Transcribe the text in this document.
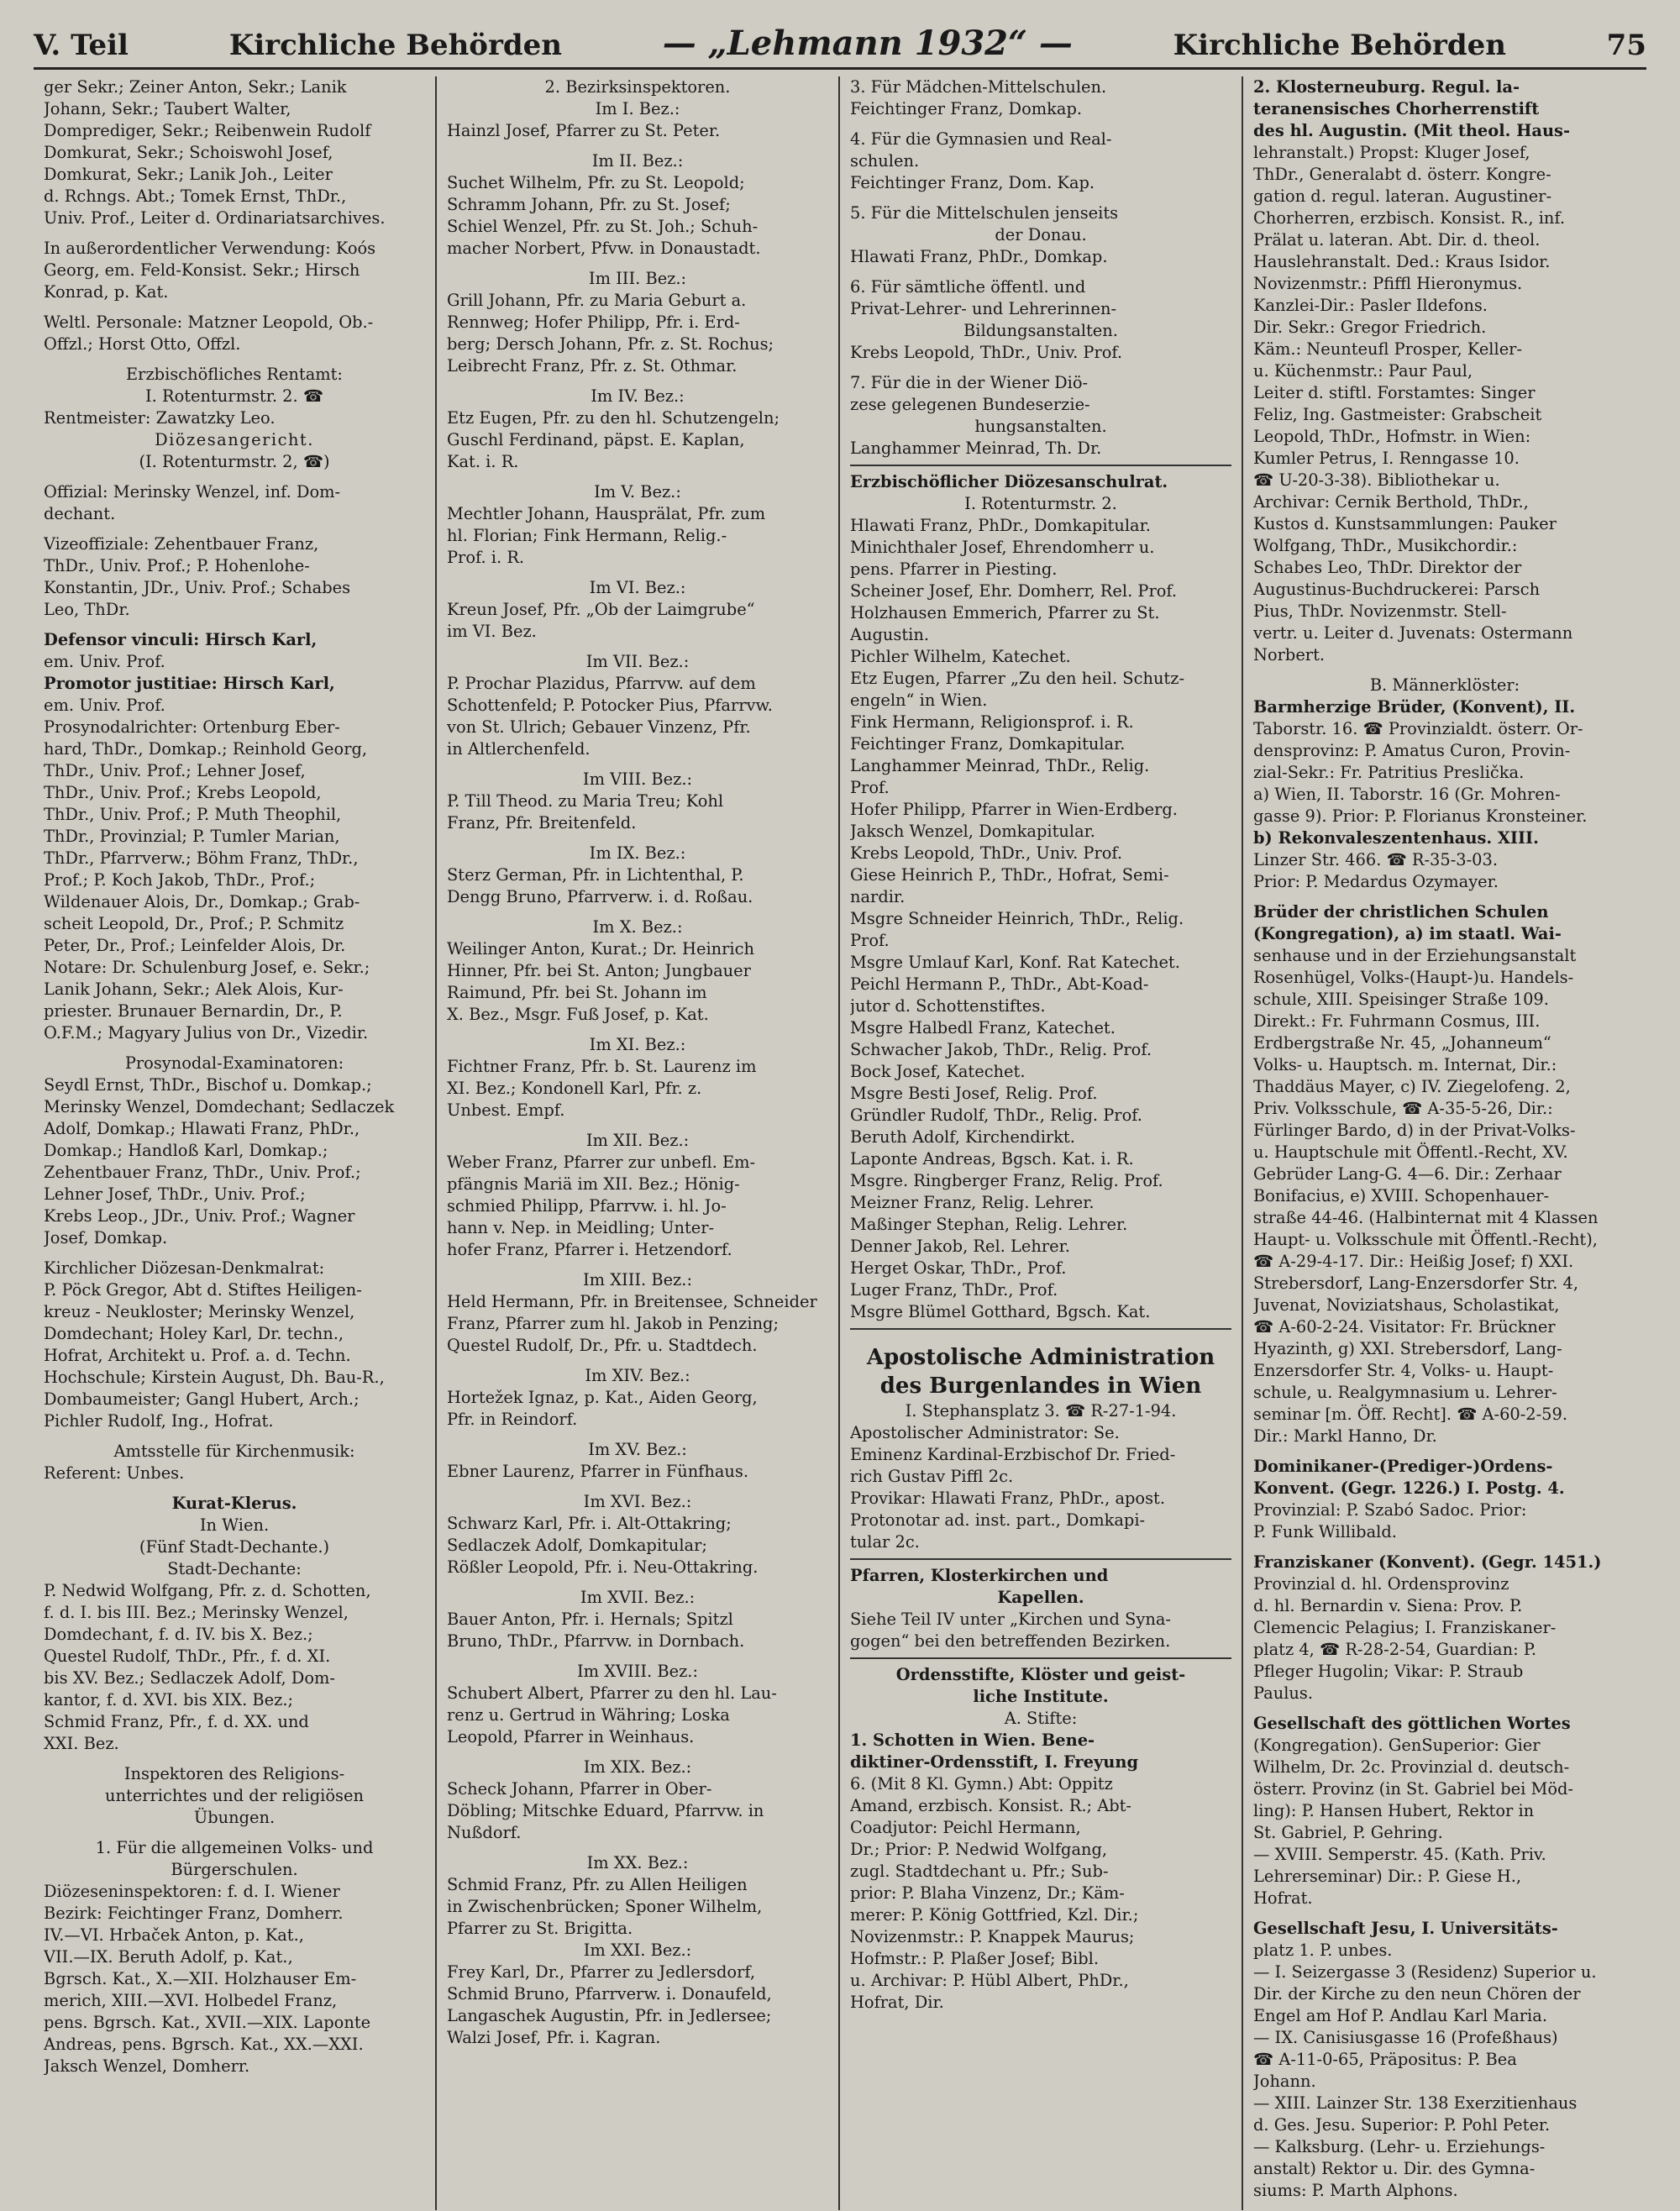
V. Teil	Kirchliche Behörden	— „Lehmann 1932“ —	Kirchliche Behörden	75
ger Sekr.; Zeiner Anton, Sekr.; Lanik
Johann, Sekr.; Taubert Walter,
Domprediger, Sekr.; Reibenwein Rudolf
Domkurat, Sekr.; Schoiswohl Josef,
Domkurat, Sekr.; Lanik Joh., Leiter
d. Rchngs. Abt.; Tomek Ernst, ThDr.,
Univ. Prof., Leiter d. Ordinariatsarchives.
In außerordentlicher Verwendung: Koós
Georg, em. Feld-Konsist. Sekr.; Hirsch
Konrad, p. Kat.
Weltl. Personale: Matzner Leopold, Ob.-
Offzl.; Horst Otto, Offzl.
Erzbischöfliches Rentamt:
I. Rotenturmstr. 2. ☎
Rentmeister: Zawatzky Leo.
Diözesangericht.
(I. Rotenturmstr. 2, ☎)
Offizial: Merinsky Wenzel, inf. Dom-
dechant.
Vizeoffiziale: Zehentbauer Franz,
ThDr., Univ. Prof.; P. Hohenlohe-
Konstantin, JDr., Univ. Prof.; Schabes
Leo, ThDr.
Defensor vinculi: Hirsch Karl,
em. Univ. Prof.
Promotor justitiae: Hirsch Karl,
em. Univ. Prof.
Prosynodalrichter: Ortenburg Eber-
hard, ThDr., Domkap.; Reinhold Georg,
ThDr., Univ. Prof.; Lehner Josef,
ThDr., Univ. Prof.; Krebs Leopold,
ThDr., Univ. Prof.; P. Muth Theophil,
ThDr., Provinzial; P. Tumler Marian,
ThDr., Pfarrverw.; Böhm Franz, ThDr.,
Prof.; P. Koch Jakob, ThDr., Prof.;
Wildenauer Alois, Dr., Domkap.; Grab-
scheit Leopold, Dr., Prof.; P. Schmitz
Peter, Dr., Prof.; Leinfelder Alois, Dr.
Notare: Dr. Schulenburg Josef, e. Sekr.;
Lanik Johann, Sekr.; Alek Alois, Kur-
priester. Brunauer Bernardin, Dr., P.
O.F.M.; Magyary Julius von Dr., Vizedir.
Prosynodal-Examinatoren:
Seydl Ernst, ThDr., Bischof u. Domkap.;
Merinsky Wenzel, Domdechant; Sedlaczek
Adolf, Domkap.; Hlawati Franz, PhDr.,
Domkap.; Handloß Karl, Domkap.;
Zehentbauer Franz, ThDr., Univ. Prof.;
Lehner Josef, ThDr., Univ. Prof.;
Krebs Leop., JDr., Univ. Prof.; Wagner
Josef, Domkap.
Kirchlicher Diözesan-Denkmalrat:
P. Pöck Gregor, Abt d. Stiftes Heiligen-
kreuz - Neukloster; Merinsky Wenzel,
Domdechant; Holey Karl, Dr. techn.,
Hofrat, Architekt u. Prof. a. d. Techn.
Hochschule; Kirstein August, Dh. Bau-R.,
Dombaumeister; Gangl Hubert, Arch.;
Pichler Rudolf, Ing., Hofrat.
Amtsstelle für Kirchenmusik:
Referent: Unbes.
Kurat-Klerus.
In Wien.
(Fünf Stadt-Dechante.)
Stadt-Dechante:
P. Nedwid Wolfgang, Pfr. z. d. Schotten,
f. d. I. bis III. Bez.; Merinsky Wenzel,
Domdechant, f. d. IV. bis X. Bez.;
Questel Rudolf, ThDr., Pfr., f. d. XI.
bis XV. Bez.; Sedlaczek Adolf, Dom-
kantor, f. d. XVI. bis XIX. Bez.;
Schmid Franz, Pfr., f. d. XX. und
XXI. Bez.
Inspektoren des Religions-
unterrichtes und der religiösen
Übungen.
1. Für die allgemeinen Volks- und
Bürgerschulen.
Diözeseninspektoren: f. d. I. Wiener
Bezirk: Feichtinger Franz, Domherr.
IV.—VI. Hrbaček Anton, p. Kat.,
VII.—IX. Beruth Adolf, p. Kat.,
Bgrsch. Kat., X.—XII. Holzhauser Em-
merich, XIII.—XVI. Holbedel Franz,
pens. Bgrsch. Kat., XVII.—XIX. Laponte
Andreas, pens. Bgrsch. Kat., XX.—XXI.
Jaksch Wenzel, Domherr.
2. Bezirksinspektoren.
Im I. Bez.:
Hainzl Josef, Pfarrer zu St. Peter.
Im II. Bez.:
Suchet Wilhelm, Pfr. zu St. Leopold;
Schramm Johann, Pfr. zu St. Josef;
Schiel Wenzel, Pfr. zu St. Joh.; Schuh-
macher Norbert, Pfvw. in Donaustadt.
Im III. Bez.:
Grill Johann, Pfr. zu Maria Geburt a.
Rennweg; Hofer Philipp, Pfr. i. Erd-
berg; Dersch Johann, Pfr. z. St. Rochus;
Leibrecht Franz, Pfr. z. St. Othmar.
Im IV. Bez.:
Etz Eugen, Pfr. zu den hl. Schutzengeln;
Guschl Ferdinand, päpst. E. Kaplan,
Kat. i. R.
Im V. Bez.:
Mechtler Johann, Hausprälat, Pfr. zum
hl. Florian; Fink Hermann, Relig.-
Prof. i. R.
Im VI. Bez.:
Kreun Josef, Pfr. „Ob der Laimgrube“
im VI. Bez.
Im VII. Bez.:
P. Prochar Plazidus, Pfarrvw. auf dem
Schottenfeld; P. Potocker Pius, Pfarrvw.
von St. Ulrich; Gebauer Vinzenz, Pfr.
in Altlerchenfeld.
Im VIII. Bez.:
P. Till Theod. zu Maria Treu; Kohl
Franz, Pfr. Breitenfeld.
Im IX. Bez.:
Sterz German, Pfr. in Lichtenthal, P.
Dengg Bruno, Pfarrverw. i. d. Roßau.
Im X. Bez.:
Weilinger Anton, Kurat.; Dr. Heinrich
Hinner, Pfr. bei St. Anton; Jungbauer
Raimund, Pfr. bei St. Johann im
X. Bez., Msgr. Fuß Josef, p. Kat.
Im XI. Bez.:
Fichtner Franz, Pfr. b. St. Laurenz im
XI. Bez.; Kondonell Karl, Pfr. z.
Unbest. Empf.
Im XII. Bez.:
Weber Franz, Pfarrer zur unbefl. Em-
pfängnis Mariä im XII. Bez.; Hönig-
schmied Philipp, Pfarrvw. i. hl. Jo-
hann v. Nep. in Meidling; Unter-
hofer Franz, Pfarrer i. Hetzendorf.
Im XIII. Bez.:
Held Hermann, Pfr. in Breitensee, Schneider
Franz, Pfarrer zum hl. Jakob in Penzing;
Questel Rudolf, Dr., Pfr. u. Stadtdech.
Im XIV. Bez.:
Hortežek Ignaz, p. Kat., Aiden Georg,
Pfr. in Reindorf.
Im XV. Bez.:
Ebner Laurenz, Pfarrer in Fünfhaus.
Im XVI. Bez.:
Schwarz Karl, Pfr. i. Alt-Ottakring;
Sedlaczek Adolf, Domkapitular;
Rößler Leopold, Pfr. i. Neu-Ottakring.
Im XVII. Bez.:
Bauer Anton, Pfr. i. Hernals; Spitzl
Bruno, ThDr., Pfarrvw. in Dornbach.
Im XVIII. Bez.:
Schubert Albert, Pfarrer zu den hl. Lau-
renz u. Gertrud in Währing; Loska
Leopold, Pfarrer in Weinhaus.
Im XIX. Bez.:
Scheck Johann, Pfarrer in Ober-
Döbling; Mitschke Eduard, Pfarrvw. in
Nußdorf.
Im XX. Bez.:
Schmid Franz, Pfr. zu Allen Heiligen
in Zwischenbrücken; Sponer Wilhelm,
Pfarrer zu St. Brigitta.
Im XXI. Bez.:
Frey Karl, Dr., Pfarrer zu Jedlersdorf,
Schmid Bruno, Pfarrverw. i. Donaufeld,
Langaschek Augustin, Pfr. in Jedlersee;
Walzi Josef, Pfr. i. Kagran.
3. Für Mädchen-Mittelschulen.
Feichtinger Franz, Domkap.
4. Für die Gymnasien und Real-
schulen.
Feichtinger Franz, Dom. Kap.
5. Für die Mittelschulen jenseits
der Donau.
Hlawati Franz, PhDr., Domkap.
6. Für sämtliche öffentl. und
Privat-Lehrer- und Lehrerinnen-
Bildungsanstalten.
Krebs Leopold, ThDr., Univ. Prof.
7. Für die in der Wiener Diö-
zese gelegenen Bundeserzie-
hungsanstalten.
Langhammer Meinrad, Th. Dr.
Erzbischöflicher Diözesanschulrat.
I. Rotenturmstr. 2.
Hlawati Franz, PhDr., Domkapitular.
Minichthaler Josef, Ehrendomherr u.
pens. Pfarrer in Piesting.
Scheiner Josef, Ehr. Domherr, Rel. Prof.
Holzhausen Emmerich, Pfarrer zu St.
Augustin.
Pichler Wilhelm, Katechet.
Etz Eugen, Pfarrer „Zu den heil. Schutz-
engeln“ in Wien.
Fink Hermann, Religionsprof. i. R.
Feichtinger Franz, Domkapitular.
Langhammer Meinrad, ThDr., Relig.
Prof.
Hofer Philipp, Pfarrer in Wien-Erdberg.
Jaksch Wenzel, Domkapitular.
Krebs Leopold, ThDr., Univ. Prof.
Giese Heinrich P., ThDr., Hofrat, Semi-
nardir.
Msgre Schneider Heinrich, ThDr., Relig.
Prof.
Msgre Umlauf Karl, Konf. Rat Katechet.
Peichl Hermann P., ThDr., Abt-Koad-
jutor d. Schottenstiftes.
Msgre Halbedl Franz, Katechet.
Schwacher Jakob, ThDr., Relig. Prof.
Bock Josef, Katechet.
Msgre Besti Josef, Relig. Prof.
Gründler Rudolf, ThDr., Relig. Prof.
Beruth Adolf, Kirchendirkt.
Laponte Andreas, Bgsch. Kat. i. R.
Msgre. Ringberger Franz, Relig. Prof.
Meizner Franz, Relig. Lehrer.
Maßinger Stephan, Relig. Lehrer.
Denner Jakob, Rel. Lehrer.
Herget Oskar, ThDr., Prof.
Luger Franz, ThDr., Prof.
Msgre Blümel Gotthard, Bgsch. Kat.
Apostolische Administration
des Burgenlandes in Wien
I. Stephansplatz 3. ☎ R-27-1-94.
Apostolischer Administrator: Se.
Eminenz Kardinal-Erzbischof Dr. Fried-
rich Gustav Piffl 2c.
Provikar: Hlawati Franz, PhDr., apost.
Protonotar ad. inst. part., Domkapi-
tular 2c.
Pfarren, Klosterkirchen und
Kapellen.
Siehe Teil IV unter „Kirchen und Syna-
gogen“ bei den betreffenden Bezirken.
Ordensstifte, Klöster und geist-
liche Institute.
A. Stifte:
1. Schotten in Wien. Bene-
diktiner-Ordensstift, I. Freyung
6. (Mit 8 Kl. Gymn.) Abt: Oppitz
Amand, erzbisch. Konsist. R.; Abt-
Coadjutor: Peichl Hermann,
Dr.; Prior: P. Nedwid Wolfgang,
zugl. Stadtdechant u. Pfr.; Sub-
prior: P. Blaha Vinzenz, Dr.; Käm-
merer: P. König Gottfried, Kzl. Dir.;
Novizenmstr.: P. Knappek Maurus;
Hofmstr.: P. Plaßer Josef; Bibl.
u. Archivar: P. Hübl Albert, PhDr.,
Hofrat, Dir.
2. Klosterneuburg. Regul. la-
teranensisches Chorherrenstift
des hl. Augustin. (Mit theol. Haus-
lehranstalt.) Propst: Kluger Josef,
ThDr., Generalabt d. österr. Kongre-
gation d. regul. lateran. Augustiner-
Chorherren, erzbisch. Konsist. R., inf.
Prälat u. lateran. Abt. Dir. d. theol.
Hauslehranstalt. Ded.: Kraus Isidor.
Novizenmstr.: Pfiffl Hieronymus.
Kanzlei-Dir.: Pasler Ildefons.
Dir. Sekr.: Gregor Friedrich.
Käm.: Neunteufl Prosper, Keller-
u. Küchenmstr.: Paur Paul,
Leiter d. stiftl. Forstamtes: Singer
Feliz, Ing. Gastmeister: Grabscheit
Leopold, ThDr., Hofmstr. in Wien:
Kumler Petrus, I. Renngasse 10.
☎ U-20-3-38). Bibliothekar u.
Archivar: Cernik Berthold, ThDr.,
Kustos d. Kunstsammlungen: Pauker
Wolfgang, ThDr., Musikchordir.:
Schabes Leo, ThDr. Direktor der
Augustinus-Buchdruckerei: Parsch
Pius, ThDr. Novizenmstr. Stell-
vertr. u. Leiter d. Juvenats: Ostermann
Norbert.
B. Männerklöster:
Barmherzige Brüder, (Konvent), II.
Taborstr. 16. ☎ Provinzialdt. österr. Or-
densprovinz: P. Amatus Curon, Provin-
zial-Sekr.: Fr. Patritius Preslička.
a) Wien, II. Taborstr. 16 (Gr. Mohren-
gasse 9). Prior: P. Florianus Kronsteiner.
b) Rekonvaleszentenhaus. XIII.
Linzer Str. 466. ☎ R-35-3-03.
Prior: P. Medardus Ozymayer.
Brüder der christlichen Schulen
(Kongregation), a) im staatl. Wai-
senhause und in der Erziehungsanstalt
Rosenhügel, Volks-(Haupt-)u. Handels-
schule, XIII. Speisinger Straße 109.
Direkt.: Fr. Fuhrmann Cosmus, III.
Erdbergstraße Nr. 45, „Johanneum“
Volks- u. Hauptsch. m. Internat, Dir.:
Thaddäus Mayer, c) IV. Ziegelofeng. 2,
Priv. Volksschule, ☎ A-35-5-26, Dir.:
Fürlinger Bardo, d) in der Privat-Volks-
u. Hauptschule mit Öffentl.-Recht, XV.
Gebrüder Lang-G. 4—6. Dir.: Zerhaar
Bonifacius, e) XVIII. Schopenhauer-
straße 44-46. (Halbinternat mit 4 Klassen
Haupt- u. Volksschule mit Öffentl.-Recht),
☎ A-29-4-17. Dir.: Heißig Josef; f) XXI.
Strebersdorf, Lang-Enzersdorfer Str. 4,
Juvenat, Noviziatshaus, Scholastikat,
☎ A-60-2-24. Visitator: Fr. Brückner
Hyazinth, g) XXI. Strebersdorf, Lang-
Enzersdorfer Str. 4, Volks- u. Haupt-
schule, u. Realgymnasium u. Lehrer-
seminar [m. Öff. Recht]. ☎ A-60-2-59.
Dir.: Markl Hanno, Dr.
Dominikaner-(Prediger-)Ordens-
Konvent. (Gegr. 1226.) I. Postg. 4.
Provinzial: P. Szabó Sadoc. Prior:
P. Funk Willibald.
Franziskaner (Konvent). (Gegr. 1451.)
Provinzial d. hl. Ordensprovinz
d. hl. Bernardin v. Siena: Prov. P.
Clemencic Pelagius; I. Franziskaner-
platz 4, ☎ R-28-2-54, Guardian: P.
Pfleger Hugolin; Vikar: P. Straub
Paulus.
Gesellschaft des göttlichen Wortes
(Kongregation). GenSuperior: Gier
Wilhelm, Dr. 2c. Provinzial d. deutsch-
österr. Provinz (in St. Gabriel bei Möd-
ling): P. Hansen Hubert, Rektor in
St. Gabriel, P. Gehring.
— XVIII. Semperstr. 45. (Kath. Priv.
Lehrerseminar) Dir.: P. Giese H.,
Hofrat.
Gesellschaft Jesu, I. Universitäts-
platz 1. P. unbes.
— I. Seizergasse 3 (Residenz) Superior u.
Dir. der Kirche zu den neun Chören der
Engel am Hof P. Andlau Karl Maria.
— IX. Canisiusgasse 16 (Profeßhaus)
☎ A-11-0-65, Präpositus: P. Bea
Johann.
— XIII. Lainzer Str. 138 Exerzitienhaus
d. Ges. Jesu. Superior: P. Pohl Peter.
— Kalksburg. (Lehr- u. Erziehungs-
anstalt) Rektor u. Dir. des Gymna-
siums: P. Marth Alphons.
